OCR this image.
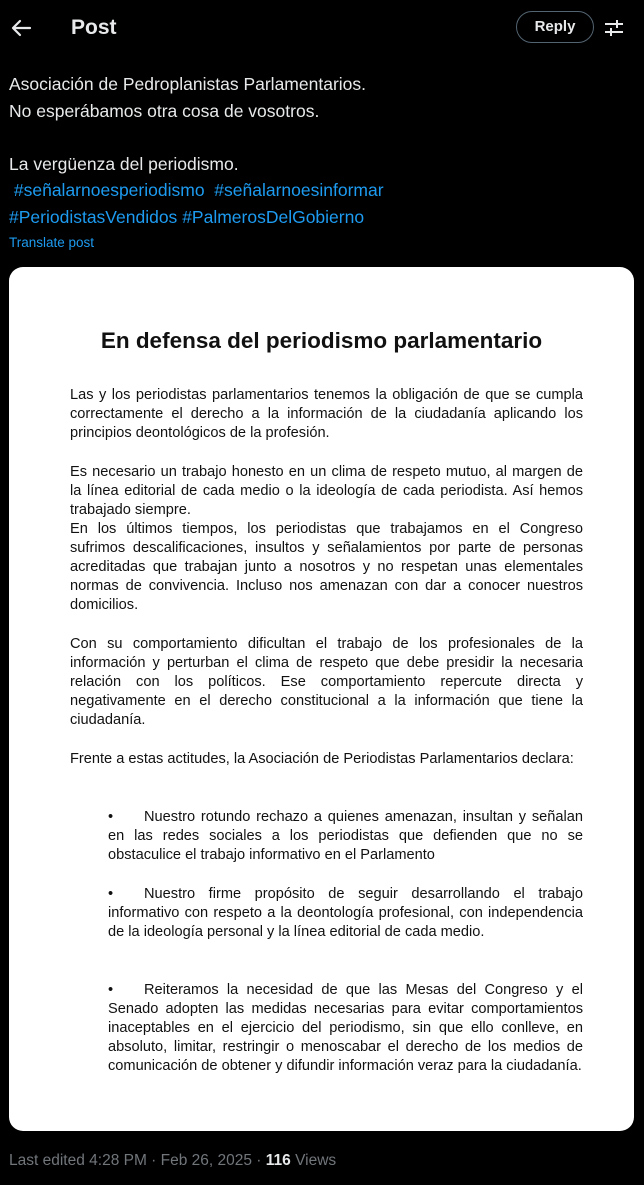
Post	Reply
Asociación de Pedroplanistas Parlamentarios.
No esperábamos otra cosa de vosotros.
La vergüenza del periodismo.
#señalarnoesperiodismo #señalarnoesinformar
#PeriodistasVendidos #PalmerosDelGobierno
Translate post
En defensa del periodismo parlamentario
Las y los periodistas parlamentarios tenemos la obligación de que se cumpla correctamente el derecho a la información de la ciudadanía aplicando los principios deontológicos de la profesión.
Es necesario un trabajo honesto en un clima de respeto mutuo, al margen de la línea editorial de cada medio o la ideología de cada periodista. Así hemos trabajado siempre.
En los últimos tiempos, los periodistas que trabajamos en el Congreso sufrimos descalificaciones, insultos y señalamientos por parte de personas acreditadas que trabajan junto a nosotros y no respetan unas elementales normas de convivencia. Incluso nos amenazan con dar a conocer nuestros domicilios.
Con su comportamiento dificultan el trabajo de los profesionales de la información y perturban el clima de respeto que debe presidir la necesaria relación con los políticos. Ese comportamiento repercute directa y negativamente en el derecho constitucional a la información que tiene la ciudadanía.
Frente a estas actitudes, la Asociación de Periodistas Parlamentarios declara:
• Nuestro rotundo rechazo a quienes amenazan, insultan y señalan en las redes sociales a los periodistas que defienden que no se obstaculice el trabajo informativo en el Parlamento
• Nuestro firme propósito de seguir desarrollando el trabajo informativo con respeto a la deontología profesional, con independencia de la ideología personal y la línea editorial de cada medio.
• Reiteramos la necesidad de que las Mesas del Congreso y el Senado adopten las medidas necesarias para evitar comportamientos inaceptables en el ejercicio del periodismo, sin que ello conlleve, en absoluto, limitar, restringir o menoscabar el derecho de los medios de comunicación de obtener y difundir información veraz para la ciudadanía.
Last edited 4:28 PM · Feb 26, 2025 · 116 Views
